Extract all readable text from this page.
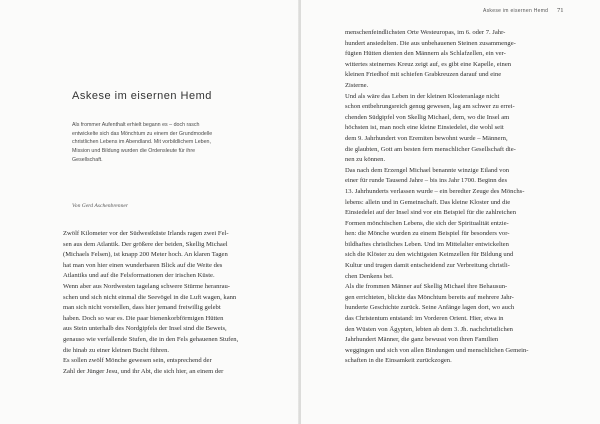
Askese im eisernen Hemd
Als frommer Aufenthalt erhielt begann es – doch rasch
entwickelte sich das Mönchtum zu einem der Grundmodelle
christlichen Lebens im Abendland. Mit vorbildlichem Leben,
Mission und Bildung wurden die Ordensleute für ihre
Gesellschaft.
Von Gerd Aschenbrenner
Zwölf Kilometer vor der Südwestküste Irlands ragen zwei Fel-
sen aus dem Atlantik. Der größere der beiden, Skellig Michael
(Michaels Felsen), ist knapp 200 Meter hoch. An klaren Tagen
hat man von hier einen wunderbaren Blick auf die Weite des
Atlantiks und auf die Felsformationen der irischen Küste.
Wenn aber aus Nordwesten tagelang schwere Stürme heranrau-
schen und sich nicht einmal die Seevögel in die Luft wagen, kann
man sich nicht vorstellen, dass hier jemand freiwillig gelebt
haben. Doch so war es. Die paar bienenkorbförmigen Hütten
aus Stein unterhalb des Nordgipfels der Insel sind die Beweis,
genauso wie verfallende Stufen, die in den Fels gehauenen Stufen,
die hinab zu einer kleinen Bucht führen.
Es sollen zwölf Mönche gewesen sein, entsprechend der
Zahl der Jünger Jesu, und ihr Abt, die sich hier, an einem der
Askese im eisernen Hemd 71
menschenfeindlichsten Orte Westeuropas, im 6. oder 7. Jahr-
hundert ansiedelten. Die aus unbehauenen Steinen zusammenge-
fügten Hütten dienten den Männern als Schlafzellen, ein ver-
wittertes steinernes Kreuz zeigt auf, es gibt eine Kapelle, einen
kleinen Friedhof mit schiefen Grabkreuzen darauf und eine
Zisterne.
Und als wäre das Leben in der kleinen Klosteranlage nicht
schon entbehrungsreich genug gewesen, lag am schwer zu errei-
chenden Südgipfel von Skellig Michael, dem, wo die Insel am
höchsten ist, man noch eine kleine Einsiedelei, die wohl seit
dem 9. Jahrhundert von Eremiten bewohnt wurde – Männern,
die glaubten, Gott am besten fern menschlicher Gesellschaft die-
nen zu können.
Das nach dem Erzengel Michael benannte winzige Eiland von
einer für runde Tausend Jahre – bis ins Jahr 1700. Beginn des
13. Jahrhunderts verlassen wurde – ein beredter Zeuge des Mönchs-
lebens: allein und in Gemeinschaft. Das kleine Kloster und die
Einsiedelei auf der Insel sind vor ein Beispiel für die zahlreichen
Formen mönchischen Lebens, die sich der Spiritualität entzie-
hen: die Mönche wurden zu einem Beispiel für besonders vor-
bildhaftes christliches Leben. Und im Mittelalter entwickelten
sich die Klöster zu den wichtigsten Keimzellen für Bildung und
Kultur und trugen damit entscheidend zur Verbreitung christli-
chen Denkens bei.
Als die frommen Männer auf Skellig Michael ihre Behausun-
gen errichteten, blickte das Mönchtum bereits auf mehrere Jahr-
hunderte Geschichte zurück. Seine Anfänge lagen dort, wo auch
das Christentum entstand: im Vorderen Orient. Hier, etwa in
den Wüsten von Ägypten, lebten ab dem 3. Jh. nachchristlichen
Jahrhundert Männer, die ganz bewusst von ihren Familien
weggingen und sich von allen Bindungen und menschlichen Gemein-
schaften in die Einsamkeit zurückzogen.
